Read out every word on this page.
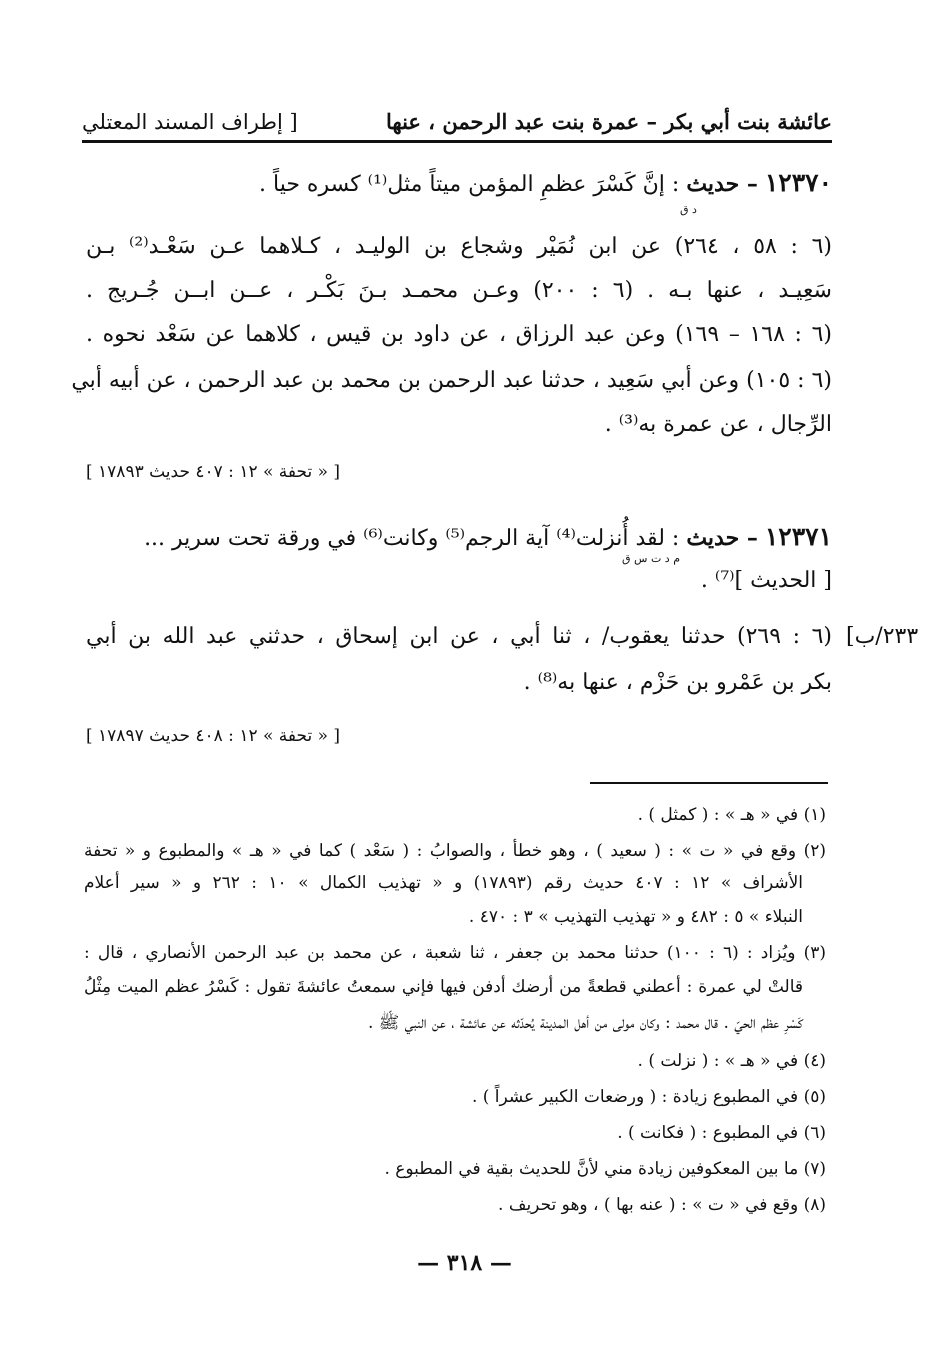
[ إطراف المسند المعتلي	عائشة بنت أبي بكر – عمرة بنت عبد الرحمن ، عنها
١٢٣٧٠ – حديث : إنَّ كَسْرَ عظمِ المؤمن ميتاً مثل⁽¹⁾ كسره حياً .
د ق
(٦ : ٥٨ ، ٢٦٤) عن ابن نُمَيْر وشجاع بن الوليـد ، كـلاهما عـن سَعْـد⁽²⁾ بـن
سَعِيـد ، عنها بـه . (٦ : ٢٠٠) وعـن محمـد بـنَ بَكْـر ، عــن ابــن جُـريج .
(٦ : ١٦٨ – ١٦٩) وعن عبد الرزاق ، عن داود بن قيس ، كلاهما عن سَعْد نحوه .
(٦ : ١٠٥) وعن أبي سَعِيد ، حدثنا عبد الرحمن بن محمد بن عبد الرحمن ، عن أبيه أبي
الرِّجال ، عن عمرة به⁽³⁾ .
[ « تحفة » ١٢ : ٤٠٧ حديث ١٧٨٩٣ ]
١٢٣٧١ – حديث : لقد أُنزلت⁽⁴⁾ آية الرجم⁽⁵⁾ وكانت⁽⁶⁾ في ورقة تحت سرير ...
م د ت س ق
[ الحديث ]⁽⁷⁾ .
٢٣٣/ب]
(٦ : ٢٦٩) حدثنا يعقوب/ ، ثنا أبي ، عن ابن إسحاق ، حدثني عبد الله بن أبي
بكر بن عَمْرو بن حَزْم ، عنها به⁽⁸⁾ .
[ « تحفة » ١٢ : ٤٠٨ حديث ١٧٨٩٧ ]
(١) في « هـ » : ( كمثل ) .
(٢) وقع في « ت » : ( سعيد ) ، وهو خطأ ، والصوابُ : ( سَعْد ) كما في « هـ » والمطبوع و « تحفة
الأشراف » ١٢ : ٤٠٧ حديث رقم (١٧٨٩٣) و « تهذيب الكمال » ١٠ : ٢٦٢ و « سير أعلام
النبلاء » ٥ : ٤٨٢ و « تهذيب التهذيب » ٣ : ٤٧٠ .
(٣) ويُزاد : (٦ : ١٠٠) حدثنا محمد بن جعفر ، ثنا شعبة ، عن محمد بن عبد الرحمن الأنصاري ، قال :
قالتْ لي عمرة : أعطني قطعةً من أرضك أدفن فيها فإني سمعتُ عائشةَ تقول : كَسْرُ عظم الميت مِثْلُ
كَسْرِ عظم الحيّ . قال محمد : وكان مولى من أهل المدينة يُحدّثه عن عائشة ، عن النبي ﷺ .
(٤) في « هـ » : ( نزلت ) .
(٥) في المطبوع زيادة : ( ورضعات الكبير عشراً ) .
(٦) في المطبوع : ( فكانت ) .
(٧) ما بين المعكوفين زيادة مني لأنَّ للحديث بقية في المطبوع .
(٨) وقع في « ت » : ( عنه بها ) ، وهو تحريف .
— ٣١٨ —
